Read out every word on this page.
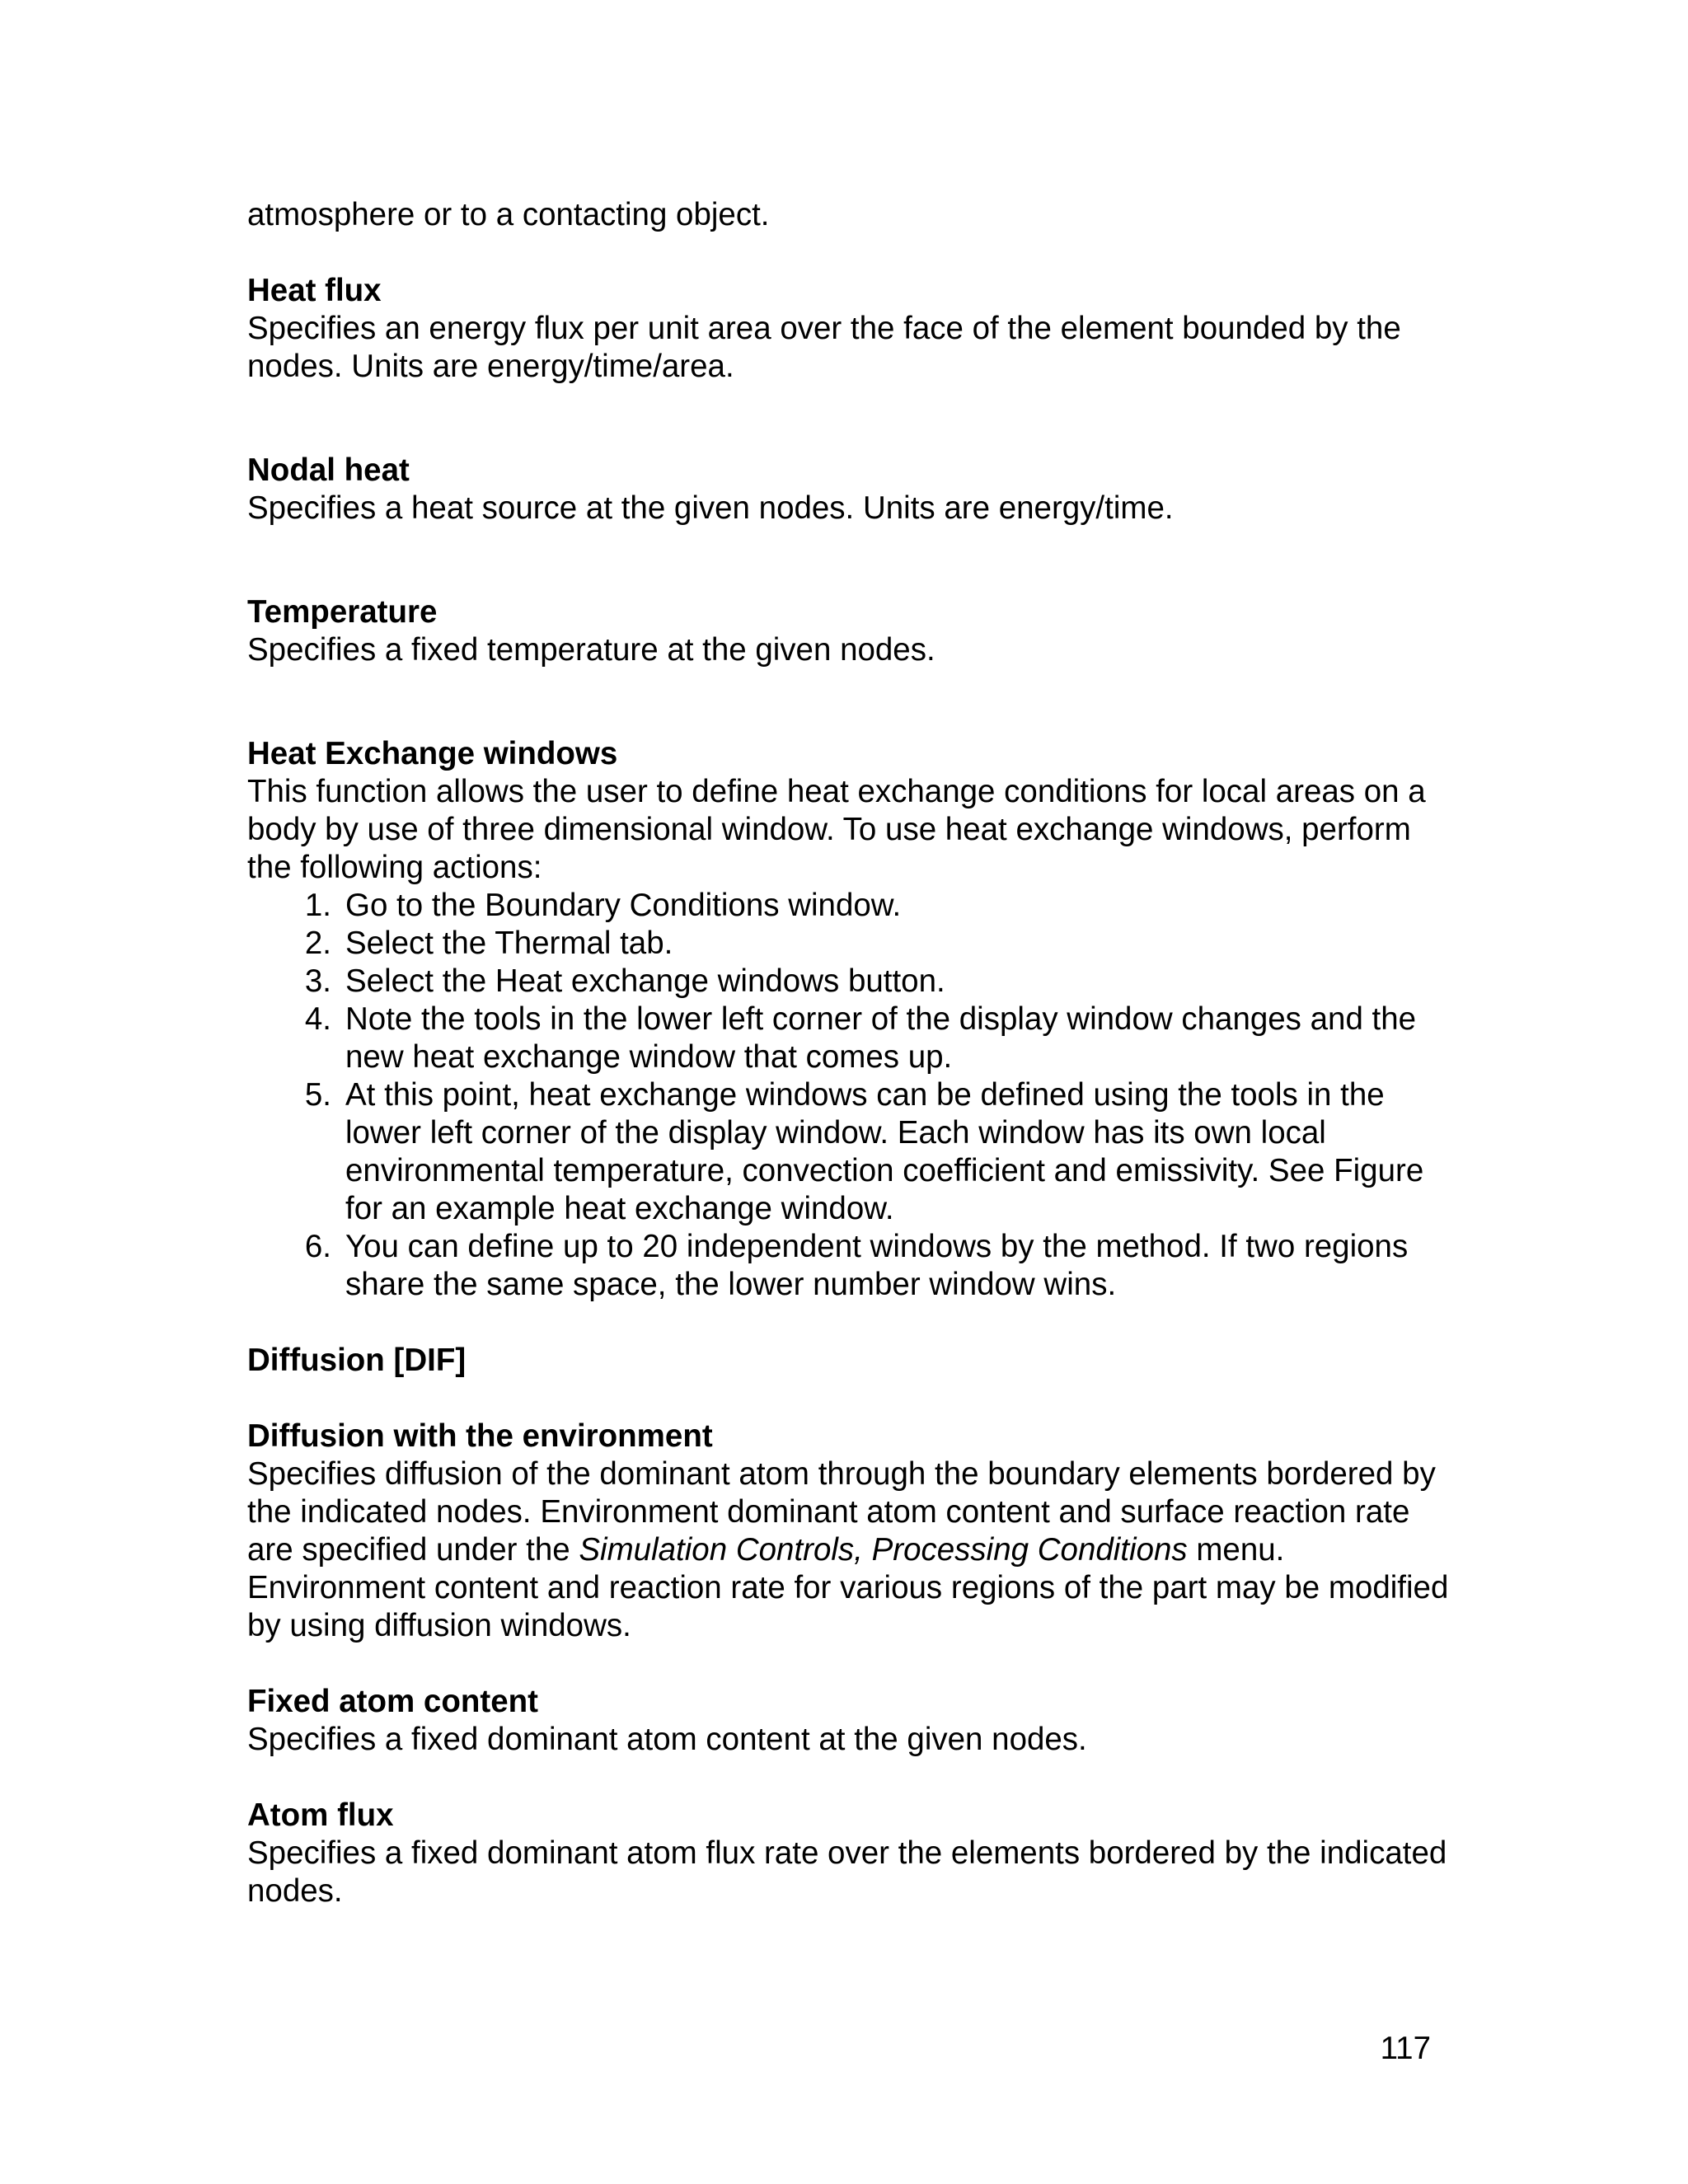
atmosphere or to a contacting object.

Heat flux

Specifies an energy flux per unit area over the face of the element bounded by the nodes. Units are energy/time/area.

Nodal heat

Specifies a heat source at the given nodes. Units are energy/time.

Temperature

Specifies a fixed temperature at the given nodes.

Heat Exchange windows

This function allows the user to define heat exchange conditions for local areas on a body by use of three dimensional window. To use heat exchange windows, perform the following actions:

1. Go to the Boundary Conditions window.
2. Select the Thermal tab.
3. Select the Heat exchange windows button.
4. Note the tools in the lower left corner of the display window changes and the new heat exchange window that comes up.
5. At this point, heat exchange windows can be defined using the tools in the lower left corner of the display window. Each window has its own local environmental temperature, convection coefficient and emissivity. See Figure for an example heat exchange window.
6. You can define up to 20 independent windows by the method. If two regions share the same space, the lower number window wins.

Diffusion [DIF]

Diffusion with the environment

Specifies diffusion of the dominant atom through the boundary elements bordered by the indicated nodes. Environment dominant atom content and surface reaction rate are specified under the Simulation Controls, Processing Conditions menu. Environment content and reaction rate for various regions of the part may be modified by using diffusion windows.

Fixed atom content

Specifies a fixed dominant atom content at the given nodes.

Atom flux

Specifies a fixed dominant atom flux rate over the elements bordered by the indicated nodes.

117
